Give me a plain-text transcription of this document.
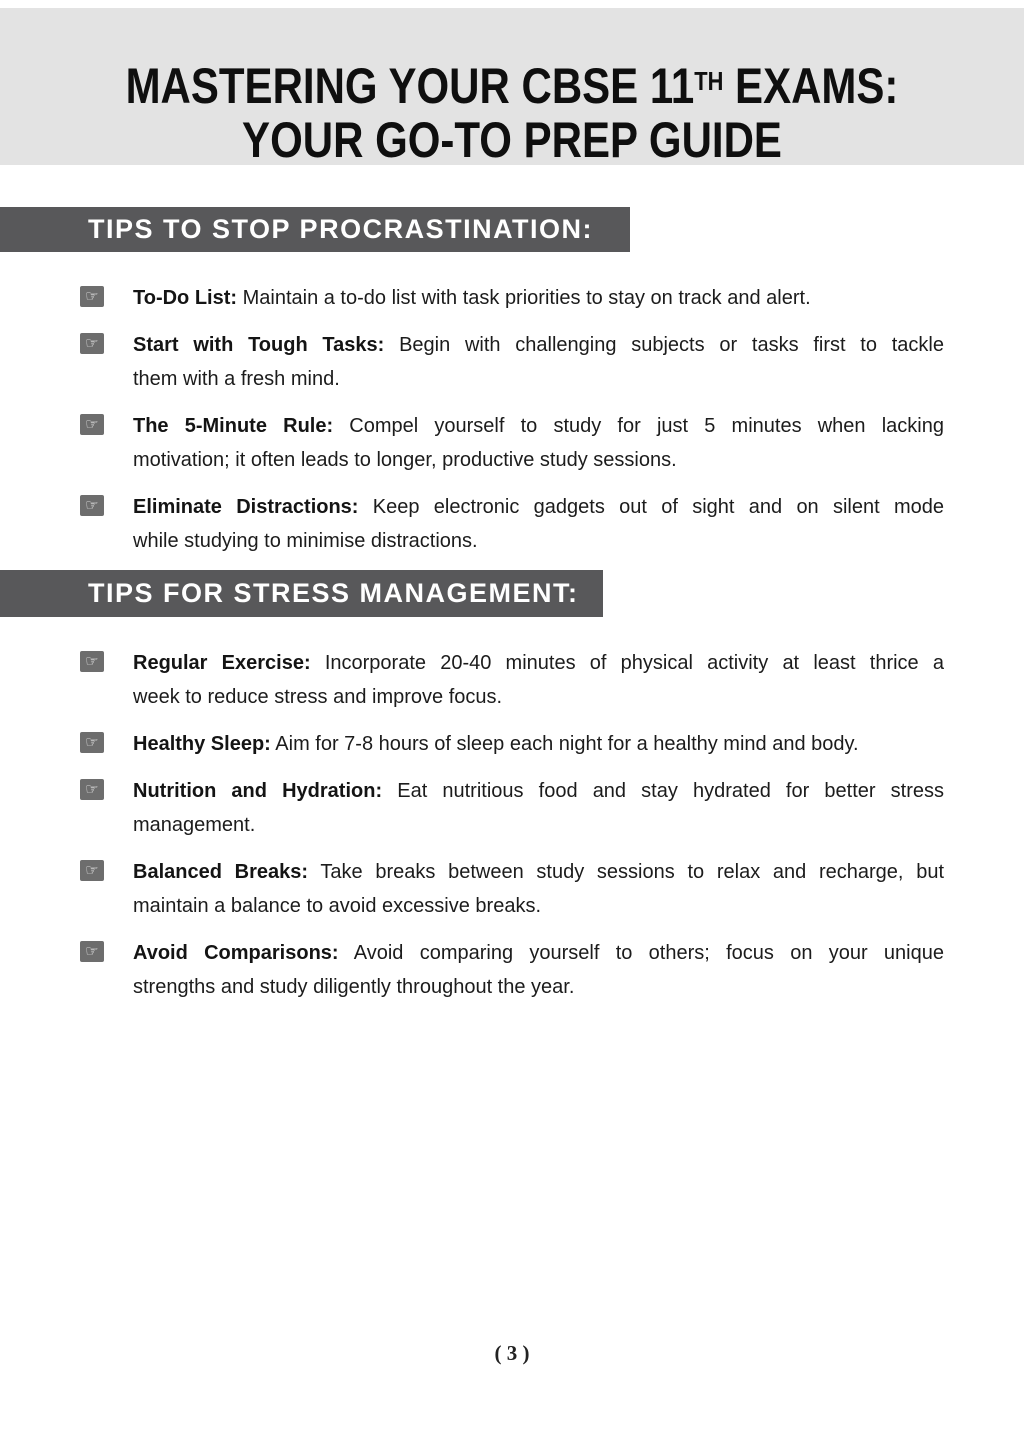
MASTERING YOUR CBSE 11TH EXAMS:
YOUR GO-TO PREP GUIDE
TIPS TO STOP PROCRASTINATION:
☞ To-Do List: Maintain a to-do list with task priorities to stay on track and alert.
☞ Start with Tough Tasks: Begin with challenging subjects or tasks first to tackle
them with a fresh mind.
☞ The 5-Minute Rule: Compel yourself to study for just 5 minutes when lacking
motivation; it often leads to longer, productive study sessions.
☞ Eliminate Distractions: Keep electronic gadgets out of sight and on silent mode
while studying to minimise distractions.
TIPS FOR STRESS MANAGEMENT:
☞ Regular Exercise: Incorporate 20-40 minutes of physical activity at least thrice a
week to reduce stress and improve focus.
☞ Healthy Sleep: Aim for 7-8 hours of sleep each night for a healthy mind and body.
☞ Nutrition and Hydration: Eat nutritious food and stay hydrated for better stress
management.
☞ Balanced Breaks: Take breaks between study sessions to relax and recharge, but
maintain a balance to avoid excessive breaks.
☞ Avoid Comparisons: Avoid comparing yourself to others; focus on your unique
strengths and study diligently throughout the year.
( 3 )
